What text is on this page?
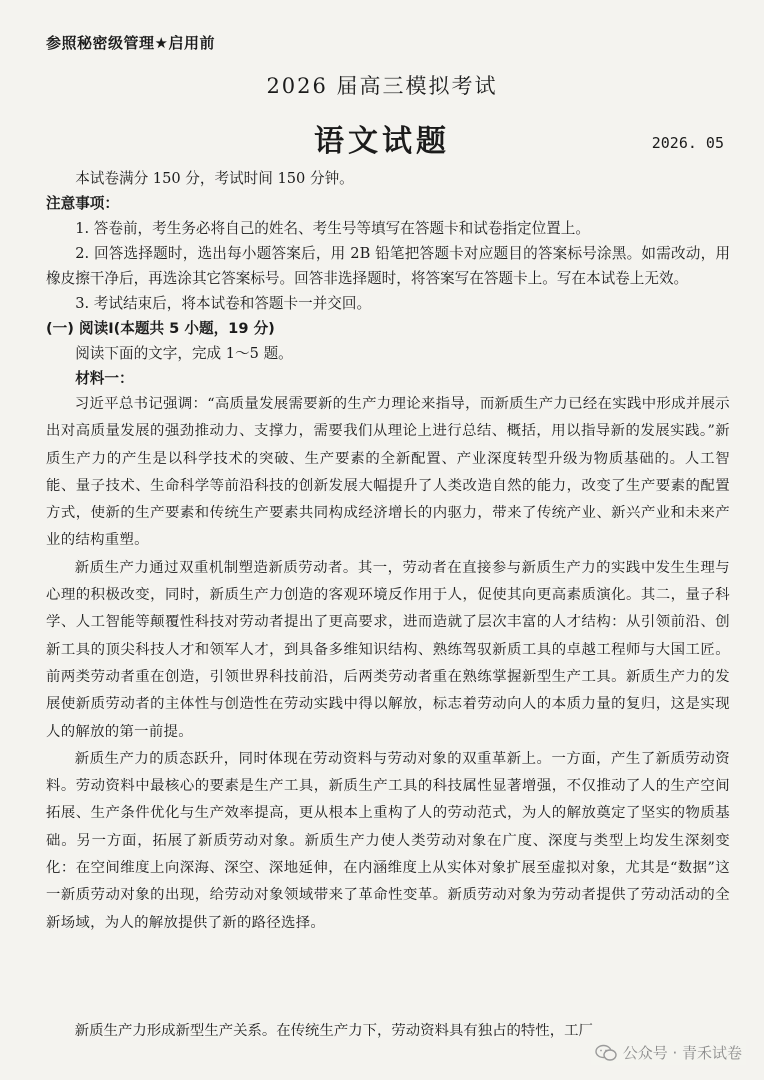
参照秘密级管理★启用前
2026 届高三模拟考试
语文试题	2026. 05

本试卷满分 150 分，考试时间 150 分钟。

注意事项：

1. 答卷前，考生务必将自己的姓名、考生号等填写在答题卡和试卷指定位置上。

2. 回答选择题时，选出每小题答案后，用 2B 铅笔把答题卡对应题目的答案标号涂黑。如需改动，用橡皮擦干净后，再选涂其它答案标号。回答非选择题时，将答案写在答题卡上。写在本试卷上无效。

3. 考试结束后，将本试卷和答题卡一并交回。

(一) 阅读Ⅰ(本题共 5 小题，19 分)

阅读下面的文字，完成 1～5 题。

材料一：

习近平总书记强调：“高质量发展需要新的生产力理论来指导，而新质生产力已经在实践中形成并展示出对高质量发展的强劲推动力、支撑力，需要我们从理论上进行总结、概括，用以指导新的发展实践。”新质生产力的产生是以科学技术的突破、生产要素的全新配置、产业深度转型升级为物质基础的。人工智能、量子技术、生命科学等前沿科技的创新发展大幅提升了人类改造自然的能力，改变了生产要素的配置方式，使新的生产要素和传统生产要素共同构成经济增长的内驱力，带来了传统产业、新兴产业和未来产业的结构重塑。

新质生产力通过双重机制塑造新质劳动者。其一，劳动者在直接参与新质生产力的实践中发生生理与心理的积极改变，同时，新质生产力创造的客观环境反作用于人，促使其向更高素质演化。其二，量子科学、人工智能等颠覆性科技对劳动者提出了更高要求，进而造就了层次丰富的人才结构：从引领前沿、创新工具的顶尖科技人才和领军人才，到具备多维知识结构、熟练驾驭新质工具的卓越工程师与大国工匠。前两类劳动者重在创造，引领世界科技前沿，后两类劳动者重在熟练掌握新型生产工具。新质生产力的发展使新质劳动者的主体性与创造性在劳动实践中得以解放，标志着劳动向人的本质力量的复归，这是实现人的解放的第一前提。

新质生产力的质态跃升，同时体现在劳动资料与劳动对象的双重革新上。一方面，产生了新质劳动资料。劳动资料中最核心的要素是生产工具，新质生产工具的科技属性显著增强，不仅推动了人的生产空间拓展、生产条件优化与生产效率提高，更从根本上重构了人的劳动范式，为人的解放奠定了坚实的物质基础。另一方面，拓展了新质劳动对象。新质生产力使人类劳动对象在广度、深度与类型上均发生深刻变化：在空间维度上向深海、深空、深地延伸，在内涵维度上从实体对象扩展至虚拟对象，尤其是“数据”这一新质劳动对象的出现，给劳动对象领域带来了革命性变革。新质劳动对象为劳动者提供了劳动活动的全新场域，为人的解放提供了新的路径选择。

新质生产力形成新型生产关系。在传统生产力下，劳动资料具有独占的特性，工厂
公众号 · 青禾试卷
